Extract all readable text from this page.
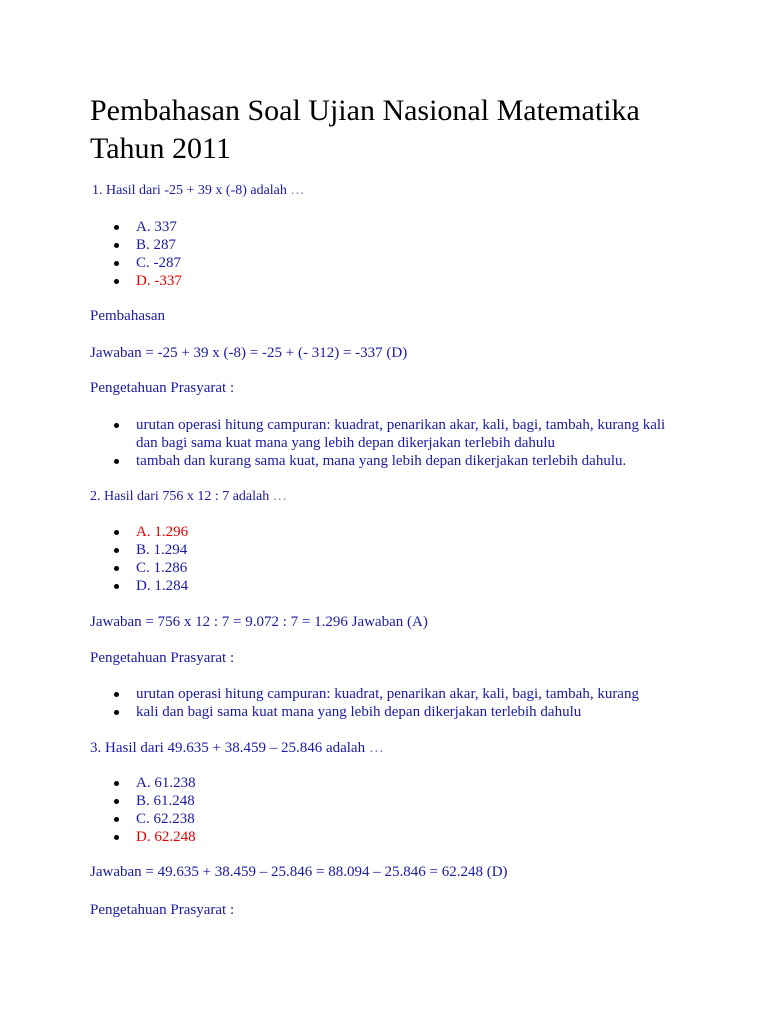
Pembahasan Soal Ujian Nasional Matematika Tahun 2011
1. Hasil dari -25 + 39 x (-8) adalah …
A. 337
B. 287
C. -287
D. -337
Pembahasan
Jawaban = -25 + 39 x (-8) = -25 + (- 312) = -337 (D)
Pengetahuan Prasyarat :
urutan operasi hitung campuran: kuadrat, penarikan akar, kali, bagi, tambah, kurang kali dan bagi sama kuat mana yang lebih depan dikerjakan terlebih dahulu
tambah dan kurang sama kuat, mana yang lebih depan dikerjakan terlebih dahulu.
2. Hasil dari 756 x 12 : 7 adalah …
A. 1.296
B. 1.294
C. 1.286
D. 1.284
Jawaban = 756 x 12 : 7 = 9.072 : 7 = 1.296 Jawaban (A)
Pengetahuan Prasyarat :
urutan operasi hitung campuran: kuadrat, penarikan akar, kali, bagi, tambah, kurang
kali dan bagi sama kuat mana yang lebih depan dikerjakan terlebih dahulu
3. Hasil dari 49.635 + 38.459 – 25.846 adalah …
A. 61.238
B. 61.248
C. 62.238
D. 62.248
Jawaban = 49.635 + 38.459 – 25.846 = 88.094 – 25.846 = 62.248 (D)
Pengetahuan Prasyarat :
